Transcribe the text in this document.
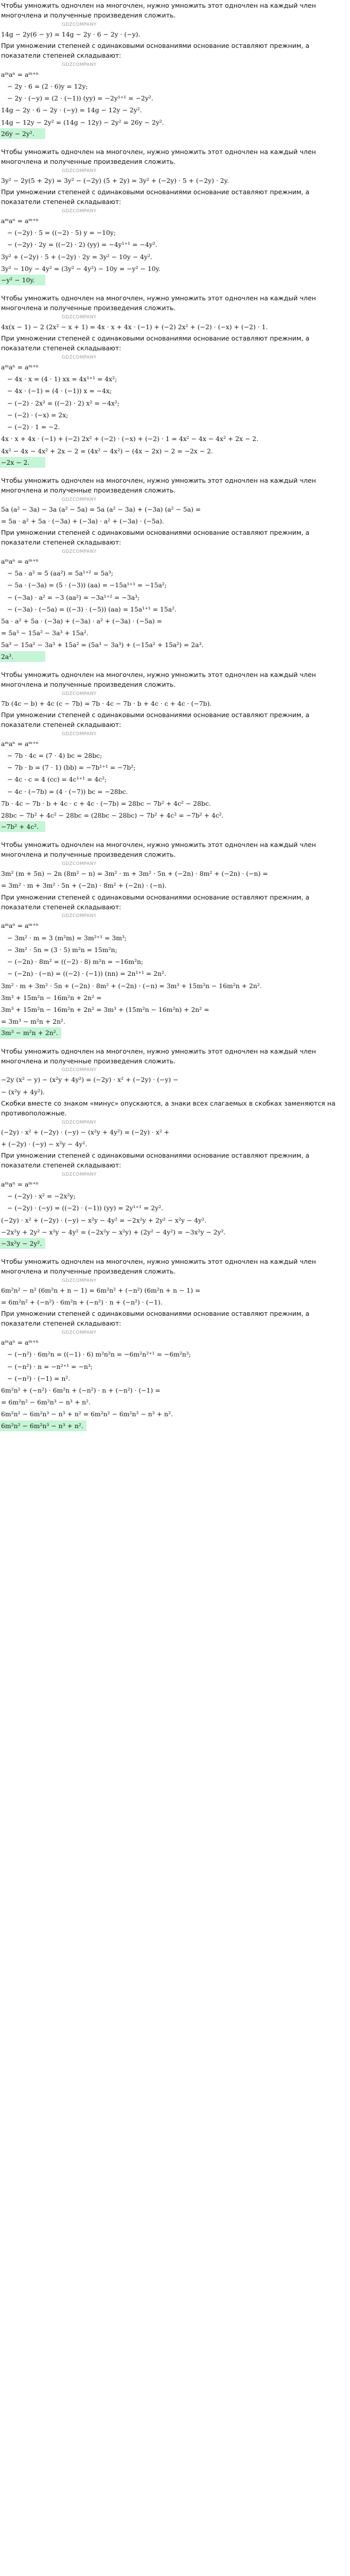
Чтобы умножить одночлен на многочлен, нужно умножить этот одночлен на каждый член многочлена и полученные произведения сложить.

GDZCOMPANY
14g − 2y(6 − y) = 14g − 2y · 6 − 2y · (−y).

При умножении степеней с одинаковыми основаниями основание оставляют прежним, а показатели степеней складывают:

GDZCOMPANY
aᵐaⁿ = aᵐ⁺ⁿ
− 2y · 6 = (2 · 6)y = 12y;
− 2y · (−y) = (2 · (−1)) (yy) = −2y¹⁺¹ = −2y².
14g − 2y · 6 − 2y · (−y) = 14g − 12y − 2y².
14g − 12y − 2y² = (14g − 12y) − 2y² = 26y − 2y².
26y − 2y².

Чтобы умножить одночлен на многочлен, нужно умножить этот одночлен на каждый член многочлена и полученные произведения сложить.

GDZCOMPANY
3y² − 2y(5 + 2y) = 3y² − (−2y) (5 + 2y) = 3y² + (−2y) · 5 + (−2y) · 2y.

При умножении степеней с одинаковыми основаниями основание оставляют прежним, а показатели степеней складывают:

GDZCOMPANY
aᵐaⁿ = aᵐ⁺ⁿ
− (−2y) · 5 = ((−2) · 5) y = −10y;
− (−2y) · 2y = ((−2) · 2) (yy) = −4y¹⁺¹ = −4y².
3y² + (−2y) · 5 + (−2y) · 2y = 3y² − 10y − 4y².
3y² − 10y − 4y² = (3y² − 4y²) − 10y = −y² − 10y.
−y² − 10y.

Чтобы умножить одночлен на многочлен, нужно умножить этот одночлен на каждый член многочлена и полученные произведения сложить.

GDZCOMPANY
4x(x − 1) − 2 (2x² − x + 1) = 4x · x + 4x · (−1) + (−2) 2x² + (−2) · (−x) + (−2) · 1.

При умножении степеней с одинаковыми основаниями основание оставляют прежним, а показатели степеней складывают:

GDZCOMPANY
aᵐaⁿ = aᵐ⁺ⁿ
− 4x · x = (4 · 1) xx = 4x¹⁺¹ = 4x²;
− 4x · (−1) = (4 · (−1)) x = −4x;
− (−2) · 2x² = ((−2) · 2) x² = −4x²;
− (−2) · (−x) = 2x;
− (−2) · 1 = −2.
4x · x + 4x · (−1) + (−2) 2x² + (−2) · (−x) + (−2) · 1 = 4x² − 4x − 4x² + 2x − 2.
4x² − 4x − 4x² + 2x − 2 = (4x² − 4x²) − (4x − 2x) − 2 = −2x − 2.
−2x − 2.

Чтобы умножить одночлен на многочлен, нужно умножить этот одночлен на каждый член многочлена и полученные произведения сложить.

GDZCOMPANY
5a (a² − 3a) − 3a (a² − 5a) = 5a (a² − 3a) + (−3a) (a² − 5a) =
= 5a · a² + 5a · (−3a) + (−3a) · a² + (−3a) · (−5a).

При умножении степеней с одинаковыми основаниями основание оставляют прежним, а показатели степеней складывают:

GDZCOMPANY
aᵐaⁿ = aᵐ⁺ⁿ
− 5a · a² = 5 (aa²) = 5a¹⁺² = 5a³;
− 5a · (−3a) = (5 · (−3)) (aa) = −15a¹⁺¹ = −15a²;
− (−3a) · a² = −3 (aa²) = −3a¹⁺² = −3a³;
− (−3a) · (−5a) = ((−3) · (−5)) (aa) = 15a¹⁺¹ = 15a².
5a · a² + 5a · (−3a) + (−3a) · a² + (−3a) · (−5a) =
= 5a³ − 15a² − 3a³ + 15a².
5a³ − 15a² − 3a³ + 15a² = (5a³ − 3a³) + (−15a² + 15a²) = 2a³.
2a³.

Чтобы умножить одночлен на многочлен, нужно умножить этот одночлен на каждый член многочлена и полученные произведения сложить.

GDZCOMPANY
7b (4c − b) + 4c (c − 7b) = 7b · 4c − 7b · b + 4c · c + 4c · (−7b).

При умножении степеней с одинаковыми основаниями основание оставляют прежним, а показатели степеней складывают:

GDZCOMPANY
aᵐaⁿ = aᵐ⁺ⁿ
− 7b · 4c = (7 · 4) bc = 28bc;
− 7b · b = (7 · 1) (bb) = −7b¹⁺¹ = −7b²;
− 4c · c = 4 (cc) = 4c¹⁺¹ = 4c²;
− 4c · (−7b) = (4 · (−7)) bc = −28bc.
7b · 4c − 7b · b + 4c · c + 4c · (−7b) = 28bc − 7b² + 4c² − 28bc.
28bc − 7b² + 4c² − 28bc = (28bc − 28bc) − 7b² + 4c² = −7b² + 4c².
−7b² + 4c².

Чтобы умножить одночлен на многочлен, нужно умножить этот одночлен на каждый член многочлена и полученные произведения сложить.

GDZCOMPANY
3m² (m + 5n) − 2n (8m² − n) = 3m² · m + 3m² · 5n + (−2n) · 8m² + (−2n) · (−n) =
= 3m² · m + 3m² · 5n + (−2n) · 8m² + (−2n) · (−n).

При умножении степеней с одинаковыми основаниями основание оставляют прежним, а показатели степеней складывают:

GDZCOMPANY
aᵐaⁿ = aᵐ⁺ⁿ
− 3m² · m = 3 (m²m) = 3m²⁺¹ = 3m³;
− 3m² · 5n = (3 · 5) m²n = 15m²n;
− (−2n) · 8m² = ((−2) · 8) m²n = −16m²n;
− (−2n) · (−n) = ((−2) · (−1)) (nn) = 2n¹⁺¹ = 2n².
3m² · m + 3m² · 5n + (−2n) · 8m² + (−2n) · (−n) = 3m³ + 15m²n − 16m²n + 2n².
3m³ + 15m²n − 16m²n + 2n² =
3m³ + 15m²n − 16m²n + 2n² = 3m³ + (15m²n − 16m²n) + 2n² =
= 3m³ − m²n + 2n².
3m³ − m²n + 2n².

Чтобы умножить одночлен на многочлен, нужно умножить этот одночлен на каждый член многочлена и полученные произведения сложить.

GDZCOMPANY
−2y (x² − y) − (x²y + 4y²) = (−2y) · x² + (−2y) · (−y) −
− (x²y + 4y²).

Скобки вместе со знаком «минус» опускаются, а знаки всех слагаемых в скобках заменяются на противоположные.

GDZCOMPANY
(−2y) · x² + (−2y) · (−y) − (x²y + 4y²) = (−2y) · x² +
+ (−2y) · (−y) − x²y − 4y².

При умножении степеней с одинаковыми основаниями основание оставляют прежним, а показатели степеней складывают:

GDZCOMPANY
aᵐaⁿ = aᵐ⁺ⁿ
− (−2y) · x² = −2x²y;
− (−2y) · (−y) = ((−2) · (−1)) (yy) = 2y¹⁺¹ = 2y².
(−2y) · x² + (−2y) · (−y) − x²y − 4y² = −2x²y + 2y² − x²y − 4y².
−2x²y + 2y² − x²y − 4y² = (−2x²y − x²y) + (2y² − 4y²) = −3x²y − 2y².
−3x²y − 2y².

Чтобы умножить одночлен на многочлен, нужно умножить этот одночлен на каждый член многочлена и полученные произведения сложить.

GDZCOMPANY
6m²n² − n² (6m²n + n − 1) = 6m²n² + (−n²) (6m²n + n − 1) =
= 6m²n² + (−n²) · 6m²n + (−n²) · n + (−n²) · (−1).

При умножении степеней с одинаковыми основаниями основание оставляют прежним, а показатели степеней складывают:

GDZCOMPANY
aᵐaⁿ = aᵐ⁺ⁿ
− (−n²) · 6m²n = ((−1) · 6) m²n²n = −6m²n²⁺¹ = −6m²n³;
− (−n²) · n = −n²⁺¹ = −n³;
− (−n²) · (−1) = n².
6m²n² + (−n²) · 6m²n + (−n²) · n + (−n²) · (−1) =
= 6m²n² − 6m²n³ − n³ + n².
6m²n² − 6m²n³ − n³ + n² = 6m²n² − 6m²n³ − n³ + n².
6m²n² − 6m²n³ − n³ + n².
